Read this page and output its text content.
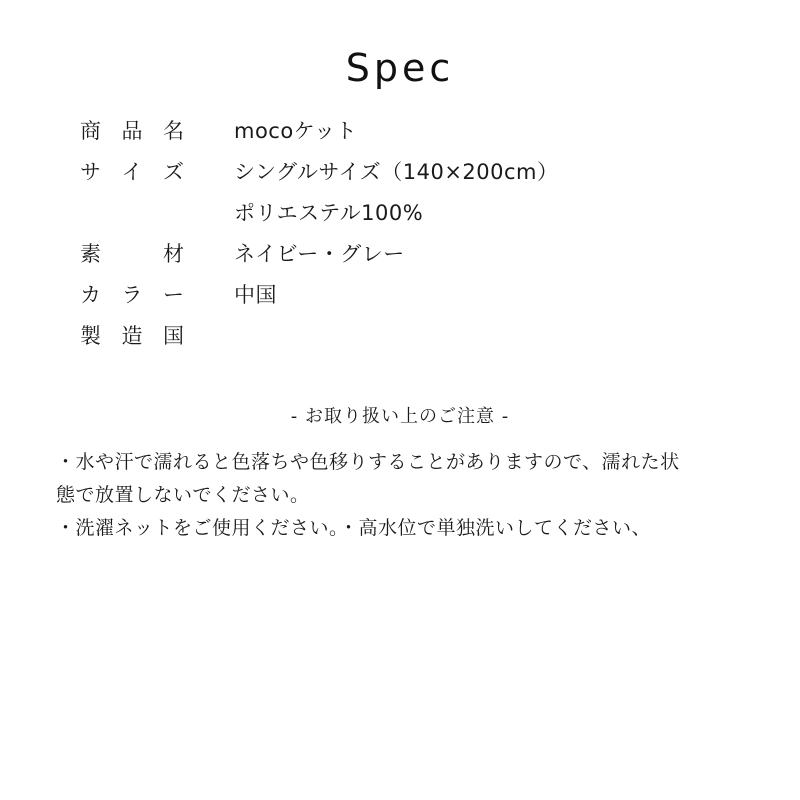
Spec
商 品 名
サ イ ズ
素	材
カ ラ ー
製 造 国
mocoケット
シングルサイズ（140×200cm）
ポリエステル100%
ネイビー・グレー
中国
- お取り扱い上のご注意 -
・水や汗で濡れると色落ちや色移りすることがありますので、濡れた状
態で放置しないでください。
・洗濯ネットをご使用ください。・高水位で単独洗いしてください、
